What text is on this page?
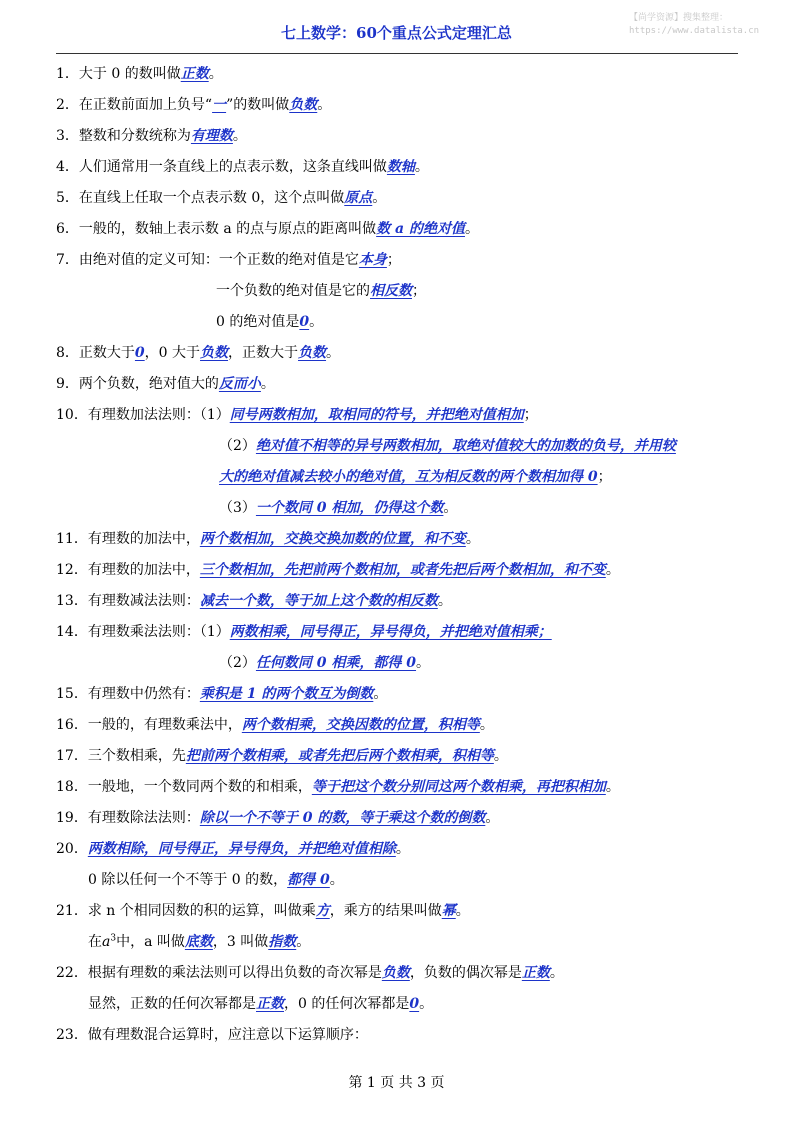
【尚学资源】搜集整理：
https://www.datalista.cn
七上数学：60个重点公式定理汇总
1．大于 0 的数叫做正数。
2．在正数前面加上负号“一”的数叫做负数。
3．整数和分数统称为有理数。
4．人们通常用一条直线上的点表示数，这条直线叫做数轴。
5．在直线上任取一个点表示数 0，这个点叫做原点。
6．一般的，数轴上表示数 a 的点与原点的距离叫做数 a 的绝对值。
7．由绝对值的定义可知：一个正数的绝对值是它本身；
一个负数的绝对值是它的相反数；
0 的绝对值是0。
8．正数大于0，0 大于负数，正数大于负数。
9．两个负数，绝对值大的反而小。
10．有理数加法法则：（1）同号两数相加，取相同的符号，并把绝对值相加；
（2）绝对值不相等的异号两数相加，取绝对值较大的加数的负号，并用较
大的绝对值减去较小的绝对值，互为相反数的两个数相加得 0；
（3）一个数同 0 相加，仍得这个数。
11．有理数的加法中，两个数相加，交换交换加数的位置，和不变。
12．有理数的加法中，三个数相加，先把前两个数相加，或者先把后两个数相加，和不变。
13．有理数减法法则：减去一个数，等于加上这个数的相反数。
14．有理数乘法法则：（1）两数相乘，同号得正，异号得负，并把绝对值相乘；
（2）任何数同 0 相乘，都得 0。
15．有理数中仍然有：乘积是 1 的两个数互为倒数。
16．一般的，有理数乘法中，两个数相乘，交换因数的位置，积相等。
17．三个数相乘，先把前两个数相乘，或者先把后两个数相乘，积相等。
18．一般地，一个数同两个数的和相乘，等于把这个数分别同这两个数相乘，再把积相加。
19．有理数除法法则：除以一个不等于 0 的数，等于乘这个数的倒数。
20．两数相除，同号得正，异号得负，并把绝对值相除。
0 除以任何一个不等于 0 的数，都得 0。
21．求 n 个相同因数的积的运算，叫做乘方，乘方的结果叫做幂。
在$a^3$中，a 叫做底数，3 叫做指数。
22．根据有理数的乘法法则可以得出负数的奇次幂是负数，负数的偶次幂是正数。
显然，正数的任何次幂都是正数，0 的任何次幂都是0。
23．做有理数混合运算时，应注意以下运算顺序：
第 1 页 共 3 页
